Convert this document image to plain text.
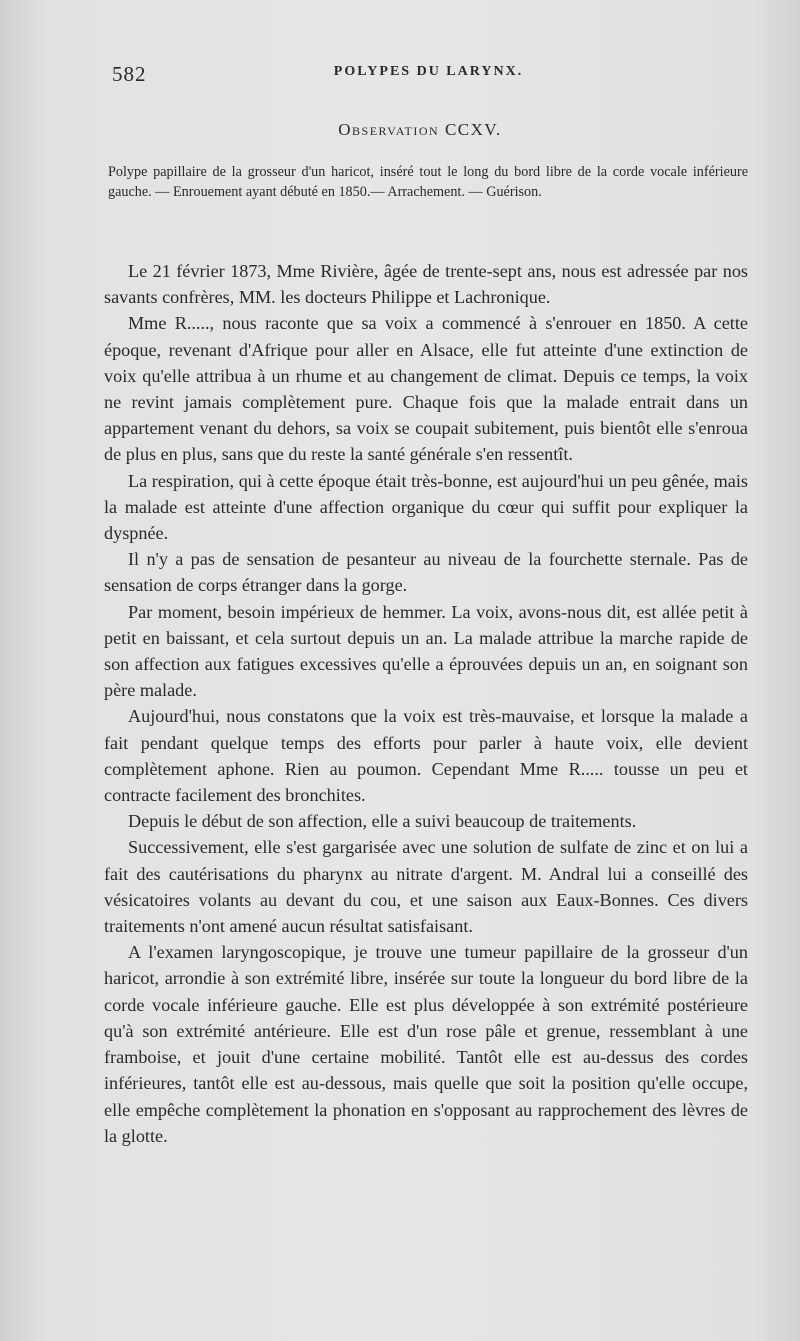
582	POLYPES DU LARYNX.
Observation CCXV.

Polype papillaire de la grosseur d'un haricot, inséré tout le long du bord libre de la corde vocale inférieure gauche. — Enrouement ayant débuté en 1850.— Arrachement. — Guérison.

Le 21 février 1873, Mme Rivière, âgée de trente-sept ans, nous est adressée par nos savants confrères, MM. les docteurs Philippe et Lachronique.

Mme R....., nous raconte que sa voix a commencé à s'enrouer en 1850. A cette époque, revenant d'Afrique pour aller en Alsace, elle fut atteinte d'une extinction de voix qu'elle attribua à un rhume et au changement de climat. Depuis ce temps, la voix ne revint jamais complètement pure. Chaque fois que la malade entrait dans un appartement venant du dehors, sa voix se coupait subitement, puis bientôt elle s'enroua de plus en plus, sans que du reste la santé générale s'en ressentît.

La respiration, qui à cette époque était très-bonne, est aujourd'hui un peu gênée, mais la malade est atteinte d'une affection organique du cœur qui suffit pour expliquer la dyspnée.

Il n'y a pas de sensation de pesanteur au niveau de la fourchette sternale. Pas de sensation de corps étranger dans la gorge.

Par moment, besoin impérieux de hemmer. La voix, avons-nous dit, est allée petit à petit en baissant, et cela surtout depuis un an. La malade attribue la marche rapide de son affection aux fatigues excessives qu'elle a éprouvées depuis un an, en soignant son père malade.

Aujourd'hui, nous constatons que la voix est très-mauvaise, et lorsque la malade a fait pendant quelque temps des efforts pour parler à haute voix, elle devient complètement aphone. Rien au poumon. Cependant Mme R..... tousse un peu et contracte facilement des bronchites.

Depuis le début de son affection, elle a suivi beaucoup de traitements.

Successivement, elle s'est gargarisée avec une solution de sulfate de zinc et on lui a fait des cautérisations du pharynx au nitrate d'argent. M. Andral lui a conseillé des vésicatoires volants au devant du cou, et une saison aux Eaux-Bonnes. Ces divers traitements n'ont amené aucun résultat satisfaisant.

A l'examen laryngoscopique, je trouve une tumeur papillaire de la grosseur d'un haricot, arrondie à son extrémité libre, insérée sur toute la longueur du bord libre de la corde vocale inférieure gauche. Elle est plus développée à son extrémité postérieure qu'à son extrémité antérieure. Elle est d'un rose pâle et grenue, ressemblant à une framboise, et jouit d'une certaine mobilité. Tantôt elle est au-dessus des cordes inférieures, tantôt elle est au-dessous, mais quelle que soit la position qu'elle occupe, elle empêche complètement la phonation en s'opposant au rapprochement des lèvres de la glotte.
